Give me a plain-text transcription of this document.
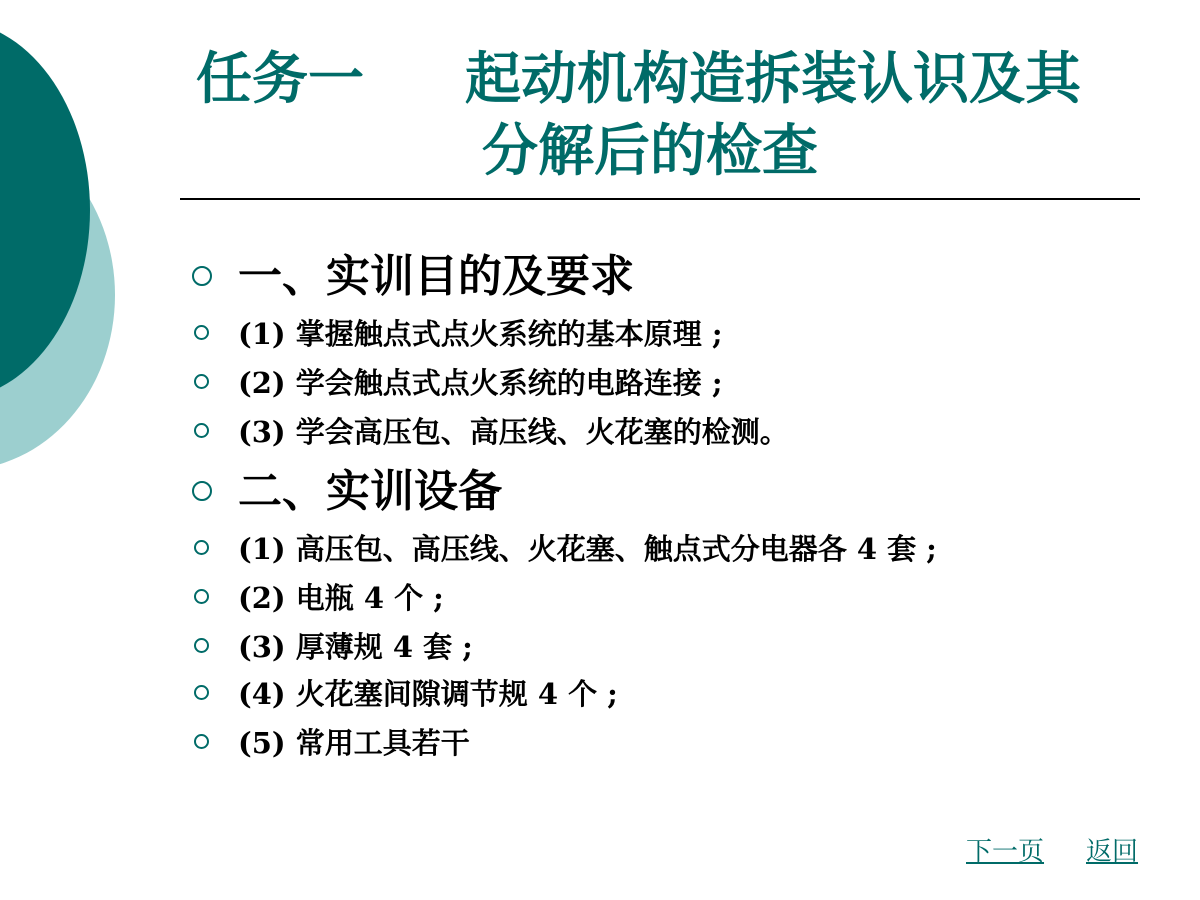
任务一 起动机构造拆装认识及其
分解后的检查
一、实训目的及要求
(1) 掌握触点式点火系统的基本原理 ;
(2) 学会触点式点火系统的电路连接 ;
(3) 学会高压包、高压线、火花塞的检测。
二、实训设备
(1) 高压包、高压线、火花塞、触点式分电器各 4 套 ;
(2) 电瓶 4 个 ;
(3) 厚薄规 4 套 ;
(4) 火花塞间隙调节规 4 个 ;
(5) 常用工具若干
下一页 返回
